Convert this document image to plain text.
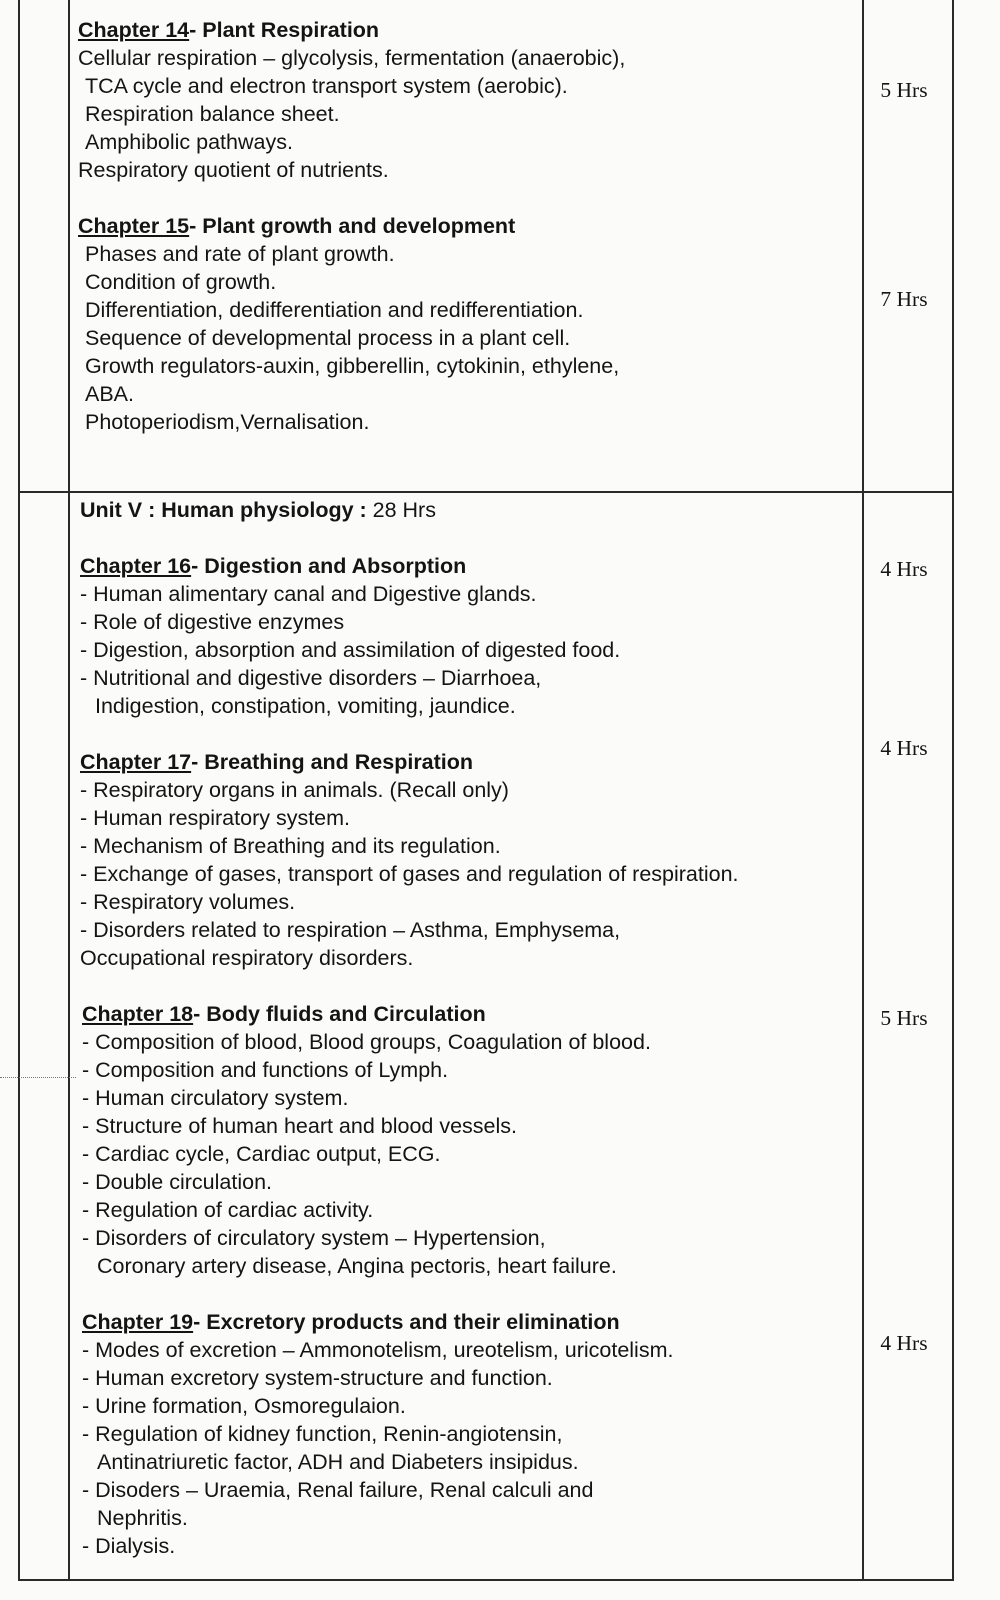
Chapter 14- Plant Respiration
Cellular respiration – glycolysis, fermentation (anaerobic),
TCA cycle and electron transport system (aerobic).
Respiration balance sheet.
Amphibolic pathways.
Respiratory quotient of nutrients.
Chapter 15- Plant growth and development
Phases and rate of plant growth.
Condition of growth.
Differentiation, dedifferentiation and redifferentiation.
Sequence of developmental process in a plant cell.
Growth regulators-auxin, gibberellin, cytokinin, ethylene,
ABA.
Photoperiodism,Vernalisation.
5 Hrs
7 Hrs
Unit V : Human physiology : 28 Hrs
Chapter 16- Digestion and Absorption
- Human alimentary canal and Digestive glands.
- Role of digestive enzymes
- Digestion, absorption and assimilation of digested food.
- Nutritional and digestive disorders – Diarrhoea,
Indigestion, constipation, vomiting, jaundice.
Chapter 17- Breathing and Respiration
- Respiratory organs in animals. (Recall only)
- Human respiratory system.
- Mechanism of Breathing and its regulation.
- Exchange of gases, transport of gases and regulation of respiration.
- Respiratory volumes.
- Disorders related to respiration – Asthma, Emphysema,
Occupational respiratory disorders.
Chapter 18- Body fluids and Circulation
- Composition of blood, Blood groups, Coagulation of blood.
- Composition and functions of Lymph.
- Human circulatory system.
- Structure of human heart and blood vessels.
- Cardiac cycle, Cardiac output, ECG.
- Double circulation.
- Regulation of cardiac activity.
- Disorders of circulatory system – Hypertension,
Coronary artery disease, Angina pectoris, heart failure.
Chapter 19- Excretory products and their elimination
- Modes of excretion – Ammonotelism, ureotelism, uricotelism.
- Human excretory system-structure and function.
- Urine formation, Osmoregulaion.
- Regulation of kidney function, Renin-angiotensin,
Antinatriuretic factor, ADH and Diabeters insipidus.
- Disoders – Uraemia, Renal failure, Renal calculi and
Nephritis.
- Dialysis.
4 Hrs
4 Hrs
5 Hrs
4 Hrs
